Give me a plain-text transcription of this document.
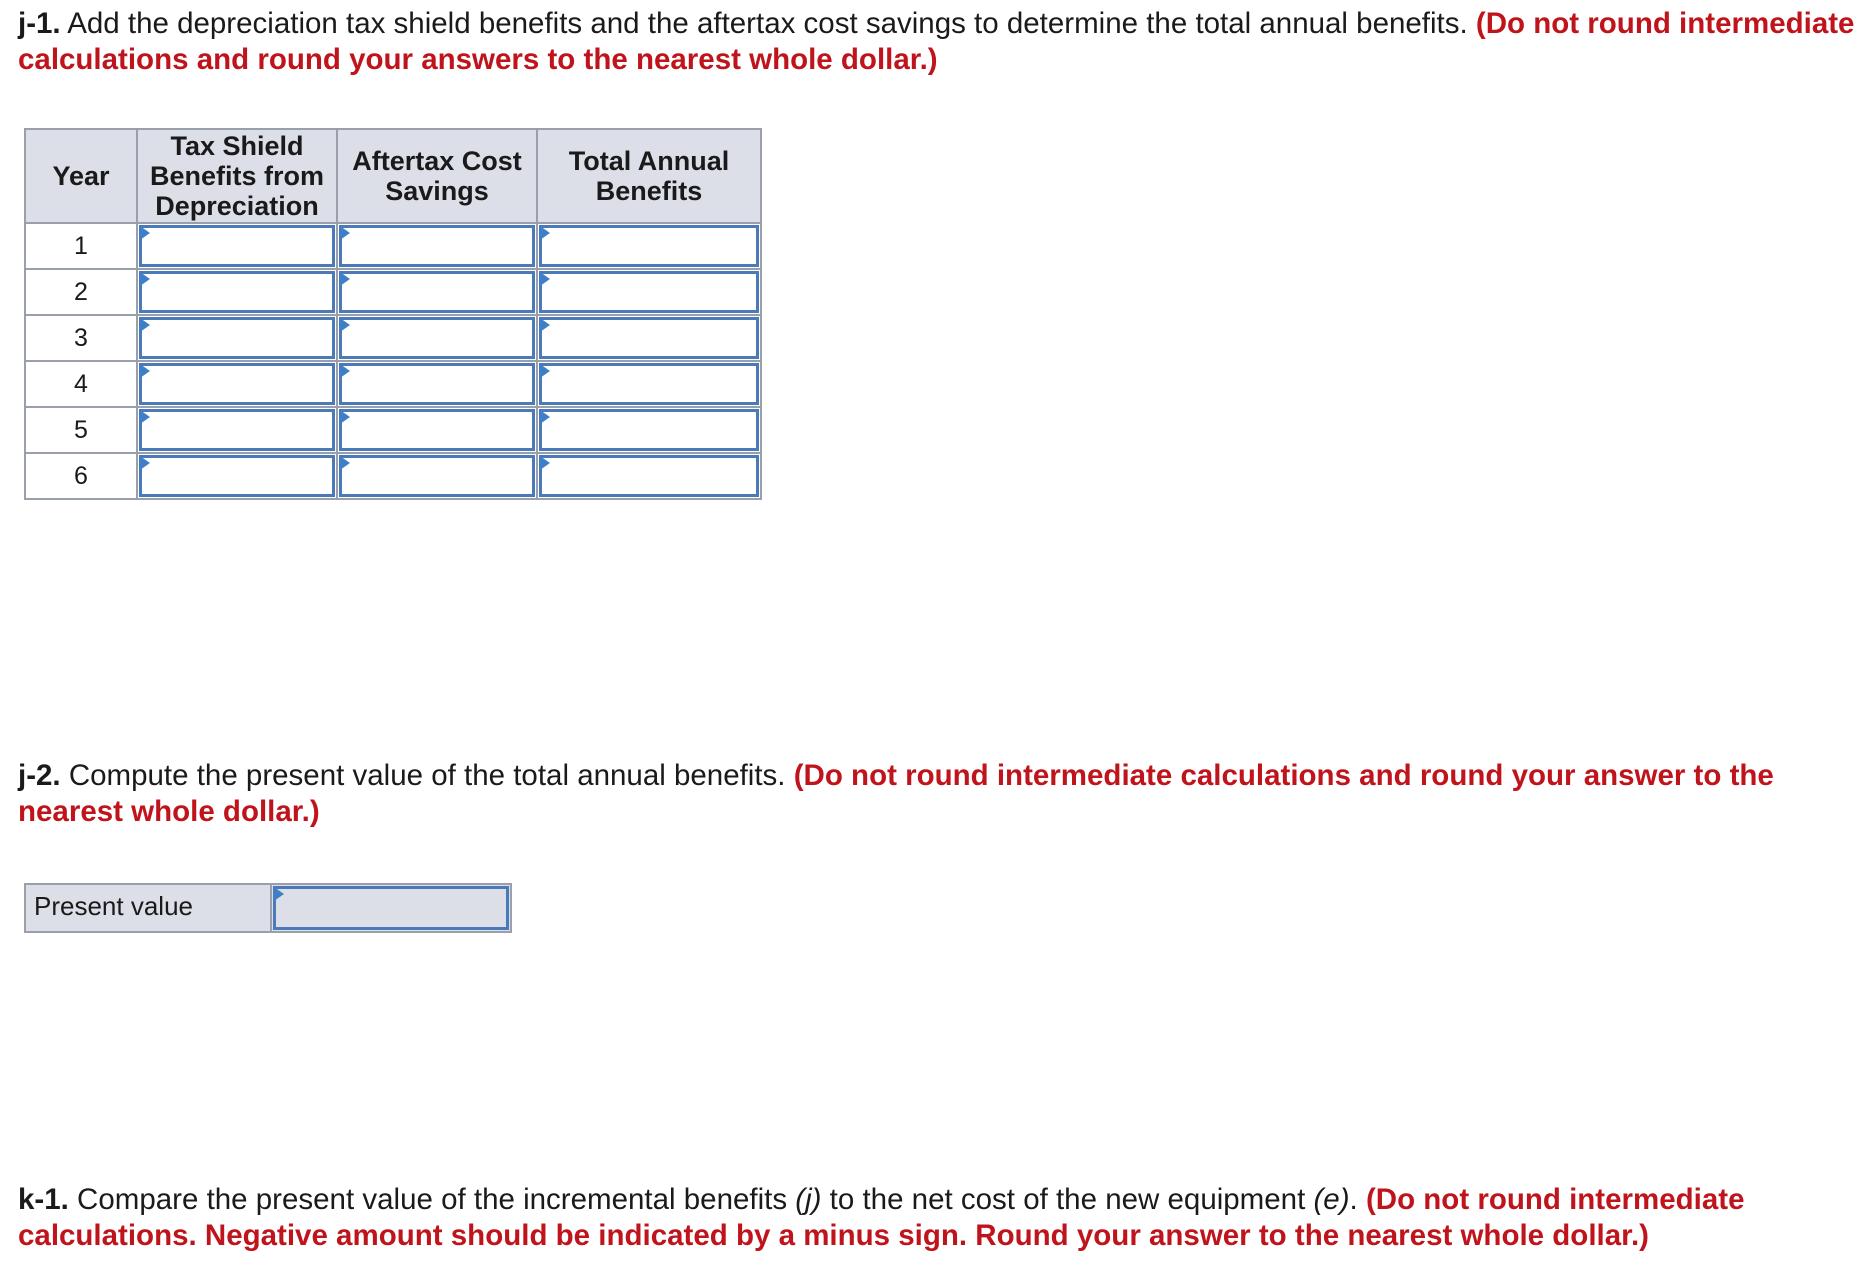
j-1. Add the depreciation tax shield benefits and the aftertax cost savings to determine the total annual benefits. (Do not round intermediate calculations and round your answers to the nearest whole dollar.)
Year	Tax Shield Benefits from Depreciation	Aftertax Cost Savings	Total Annual Benefits
1	

2	

3	

4	

5	

6	

j-2. Compute the present value of the total annual benefits. (Do not round intermediate calculations and round your answer to the nearest whole dollar.)
Present value
k-1. Compare the present value of the incremental benefits (j) to the net cost of the new equipment (e). (Do not round intermediate calculations. Negative amount should be indicated by a minus sign. Round your answer to the nearest whole dollar.)
